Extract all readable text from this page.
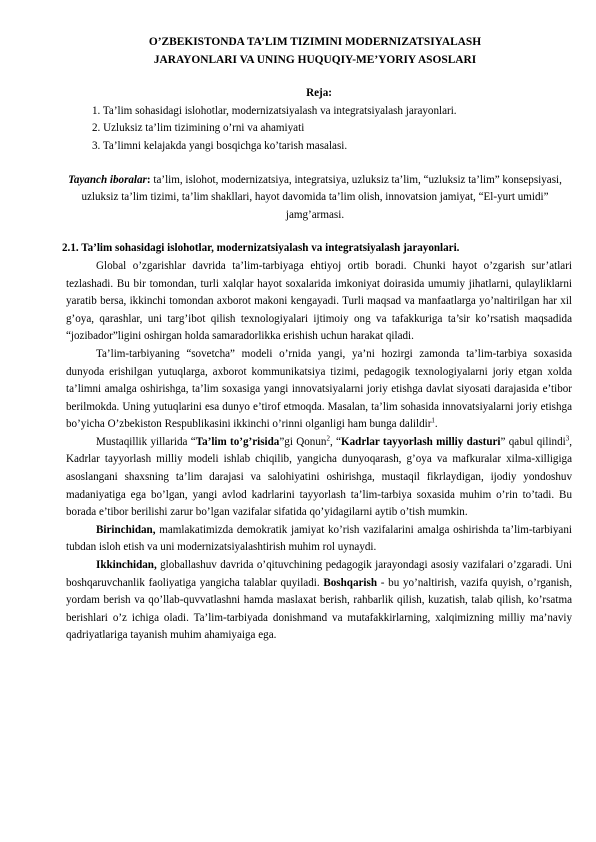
O’ZBEKISTONDA TA’LIM TIZIMINI MODERNIZATSIYALASH
JARAYONLARI VA UNING HUQUQIY-ME’YORIY ASOSLARI
Reja:
1. Ta’lim sohasidagi islohotlar, modernizatsiyalash va integratsiyalash jarayonlari.
2. Uzluksiz ta’lim tizimining o’rni va ahamiyati
3. Ta’limni kelajakda yangi bosqichga ko’tarish masalasi.
Tayanch iboralar: ta’lim, islohot, modernizatsiya, integratsiya, uzluksiz ta’lim, “uzluksiz ta’lim” konsepsiyasi, uzluksiz ta’lim tizimi, ta’lim shakllari, hayot davomida ta’lim olish, innovatsion jamiyat, “El-yurt umidi” jamg’armasi.
2.1. Ta’lim sohasidagi islohotlar, modernizatsiyalash va integratsiyalash jarayonlari.

Global o’zgarishlar davrida ta’lim-tarbiyaga ehtiyoj ortib boradi. Chunki hayot o’zgarish sur’atlari tezlashadi. Bu bir tomondan, turli xalqlar hayot soxalarida imkoniyat doirasida umumiy jihatlarni, qulayliklarni yaratib bersa, ikkinchi tomondan axborot makoni kengayadi. Turli maqsad va manfaatlarga yo’naltirilgan har xil g’oya, qarashlar, uni targ’ibot qilish texnologiyalari ijtimoiy ong va tafakkuriga ta’sir ko’rsatish maqsadida “jozibador”ligini oshirgan holda samaradorlikka erishish uchun harakat qiladi.

Ta’lim-tarbiyaning “sovetcha” modeli o’rnida yangi, ya’ni hozirgi zamonda ta’lim-tarbiya soxasida dunyoda erishilgan yutuqlarga, axborot kommunikatsiya tizimi, pedagogik texnologiyalarni joriy etgan xolda ta’limni amalga oshirishga, ta’lim soxasiga yangi innovatsiyalarni joriy etishga davlat siyosati darajasida e’tibor berilmokda. Uning yutuqlarini esa dunyo e’tirof etmoqda. Masalan, ta’lim sohasida innovatsiyalarni joriy etishga bo’yicha O’zbekiston Respublikasini ikkinchi o’rinni olganligi ham bunga dalildir$^1$.

Mustaqillik yillarida “Ta’lim to’g’risida”gi Qonun$^2$, “Kadrlar tayyorlash milliy dasturi” qabul qilindi$^3$, Kadrlar tayyorlash milliy modeli ishlab chiqilib, yangicha dunyoqarash, g’oya va mafkuralar xilma-xilligiga asoslangani shaxsning ta’lim darajasi va salohiyatini oshirishga, mustaqil fikrlaydigan, ijodiy yondoshuv madaniyatiga ega bo’lgan, yangi avlod kadrlarini tayyorlash ta’lim-tarbiya soxasida muhim o’rin to’tadi. Bu borada e’tibor berilishi zarur bo’lgan vazifalar sifatida qo’yidagilarni aytib o’tish mumkin.

Birinchidan, mamlakatimizda demokratik jamiyat ko’rish vazifalarini amalga oshirishda ta’lim-tarbiyani tubdan isloh etish va uni modernizatsiyalashtirish muhim rol uynaydi.

Ikkinchidan, globallashuv davrida o’qituvchining pedagogik jarayondagi asosiy vazifalari o’zgaradi. Uni boshqaruvchanlik faoliyatiga yangicha talablar quyiladi. Boshqarish - bu yo’naltirish, vazifa quyish, o’rganish, yordam berish va qo’llab-quvvatlashni hamda maslaxat berish, rahbarlik qilish, kuzatish, talab qilish, ko’rsatma berishlari o’z ichiga oladi. Ta’lim-tarbiyada donishmand va mutafakkirlarning, xalqimizning milliy ma’naviy qadriyatlariga tayanish muhim ahamiyaiga ega.
